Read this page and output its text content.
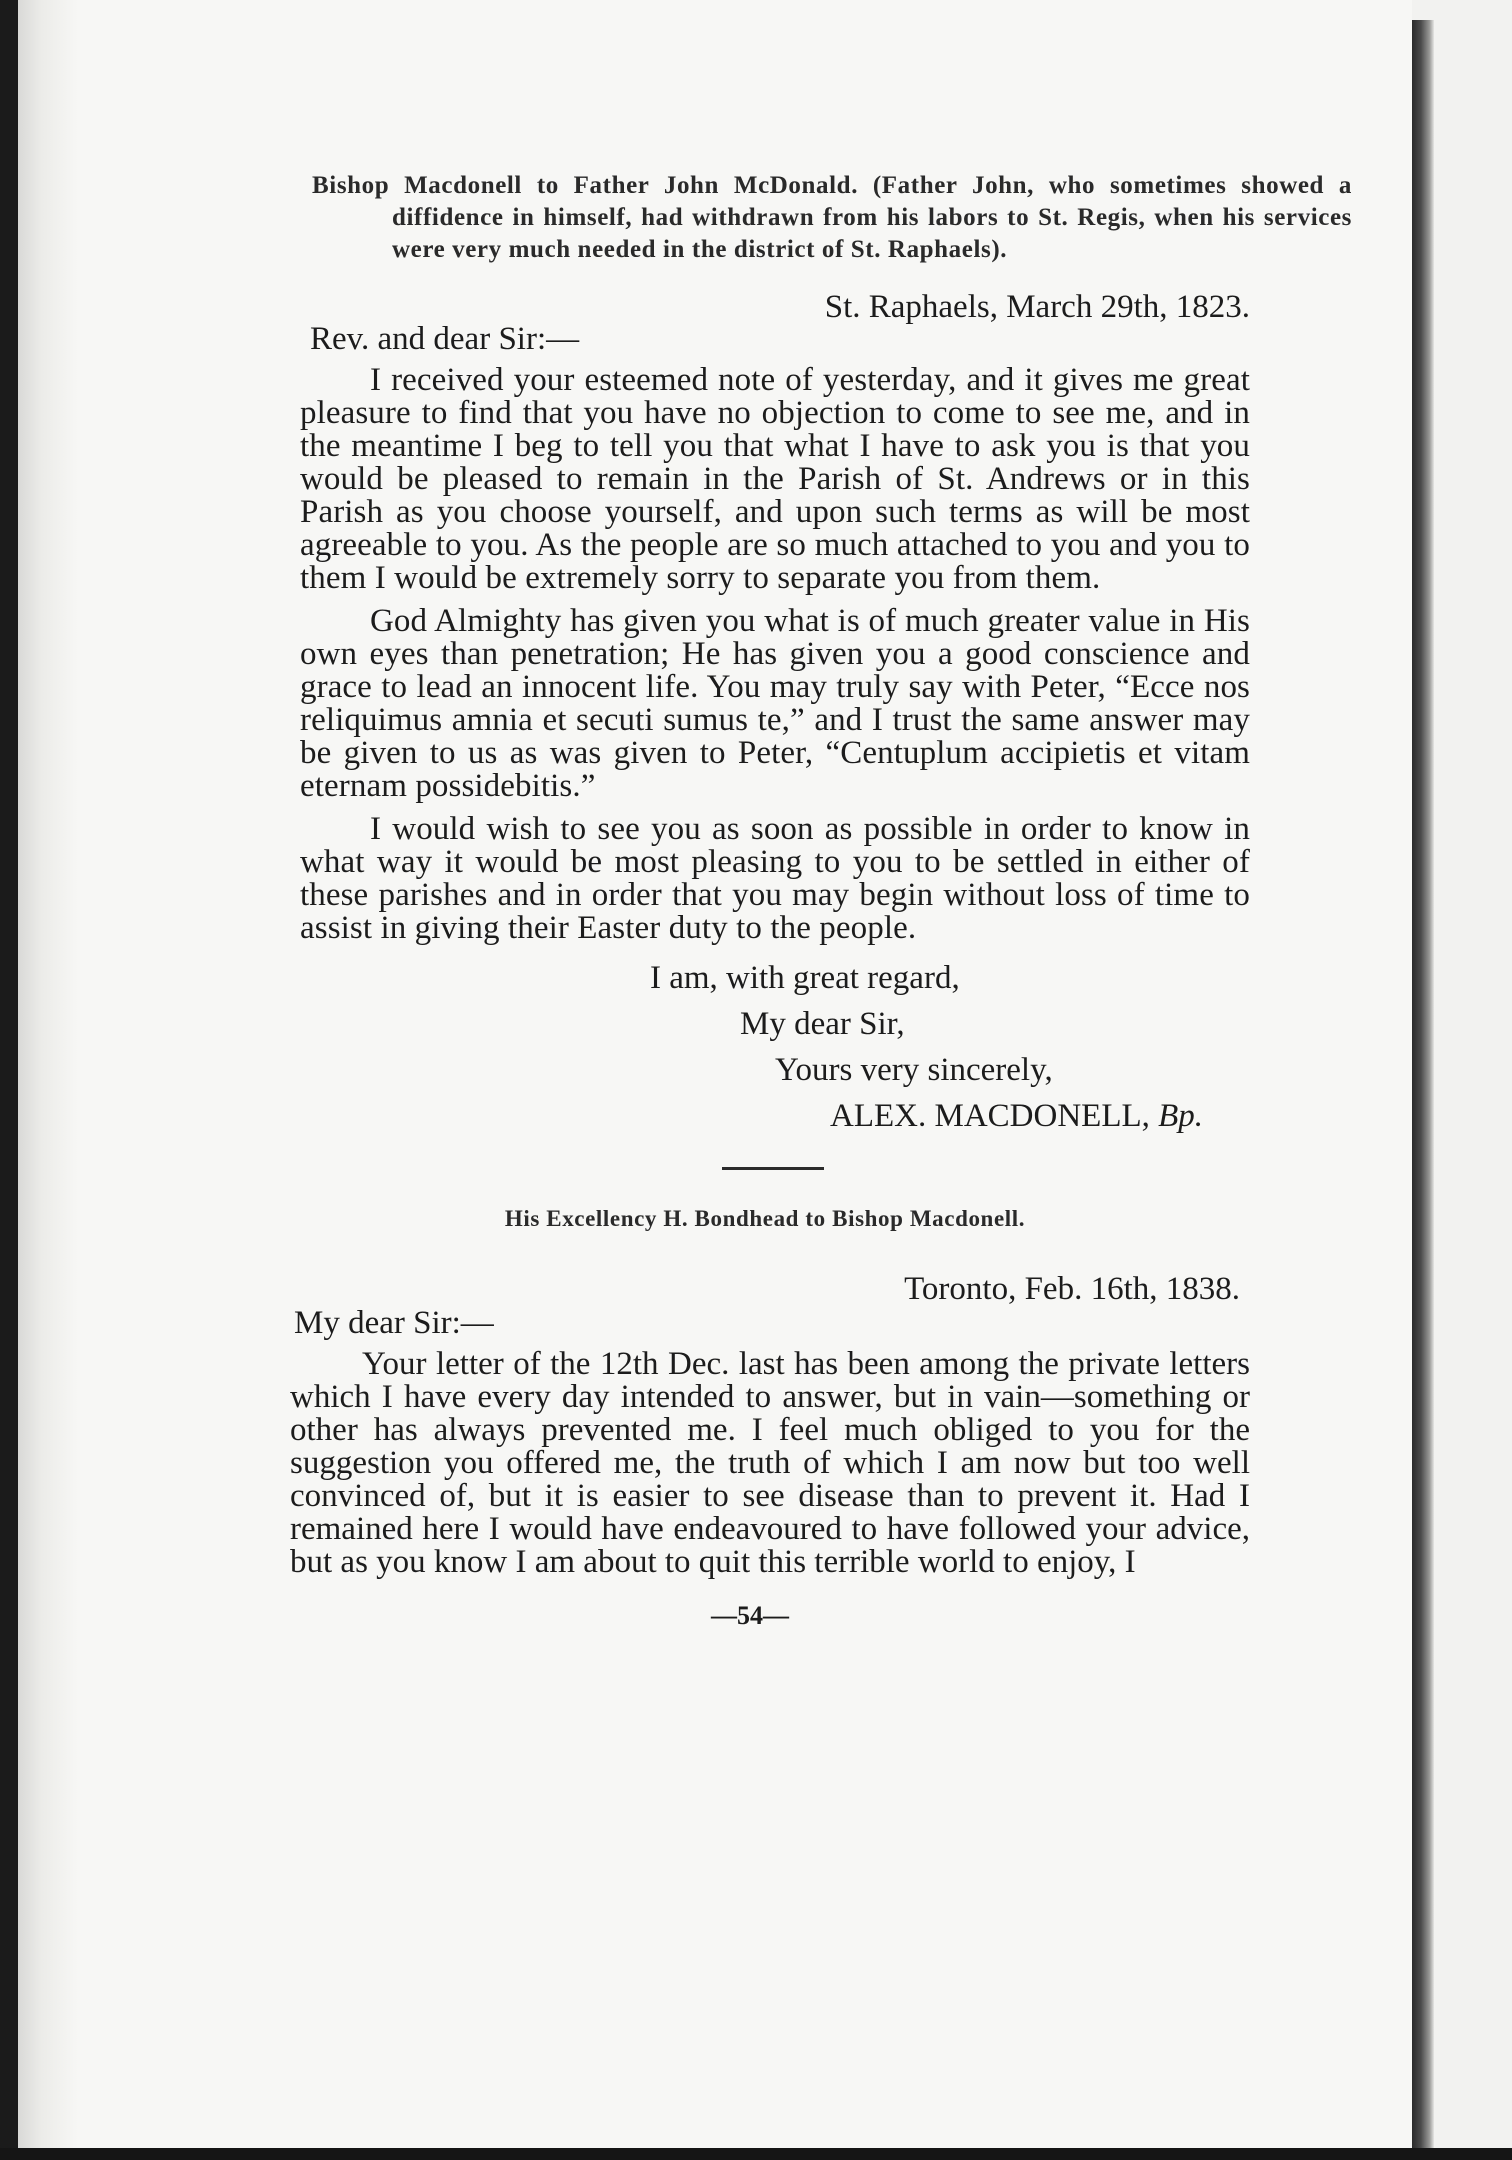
Bishop Macdonell to Father John McDonald. (Father John, who sometimes showed a diffidence in himself, had withdrawn from his labors to St. Regis, when his services were very much needed in the district of St. Raphaels).

St. Raphaels, March 29th, 1823.

Rev. and dear Sir:—

I received your esteemed note of yesterday, and it gives me great pleasure to find that you have no objection to come to see me, and in the meantime I beg to tell you that what I have to ask you is that you would be pleased to remain in the Parish of St. Andrews or in this Parish as you choose yourself, and upon such terms as will be most agreeable to you. As the people are so much attached to you and you to them I would be extremely sorry to separate you from them.

God Almighty has given you what is of much greater value in His own eyes than penetration; He has given you a good conscience and grace to lead an innocent life. You may truly say with Peter, “Ecce nos reliquimus amnia et secuti sumus te,” and I trust the same answer may be given to us as was given to Peter, “Centuplum accipietis et vitam eternam possidebitis.”

I would wish to see you as soon as possible in order to know in what way it would be most pleasing to you to be settled in either of these parishes and in order that you may begin without loss of time to assist in giving their Easter duty to the people.

I am, with great regard,

My dear Sir,

Yours very sincerely,

ALEX. MACDONELL, Bp.

His Excellency H. Bondhead to Bishop Macdonell.

Toronto, Feb. 16th, 1838.

My dear Sir:—

Your letter of the 12th Dec. last has been among the private letters which I have every day intended to answer, but in vain—something or other has always prevented me. I feel much obliged to you for the suggestion you offered me, the truth of which I am now but too well convinced of, but it is easier to see disease than to prevent it. Had I remained here I would have endeavoured to have followed your advice, but as you know I am about to quit this terrible world to enjoy, I

—54—
